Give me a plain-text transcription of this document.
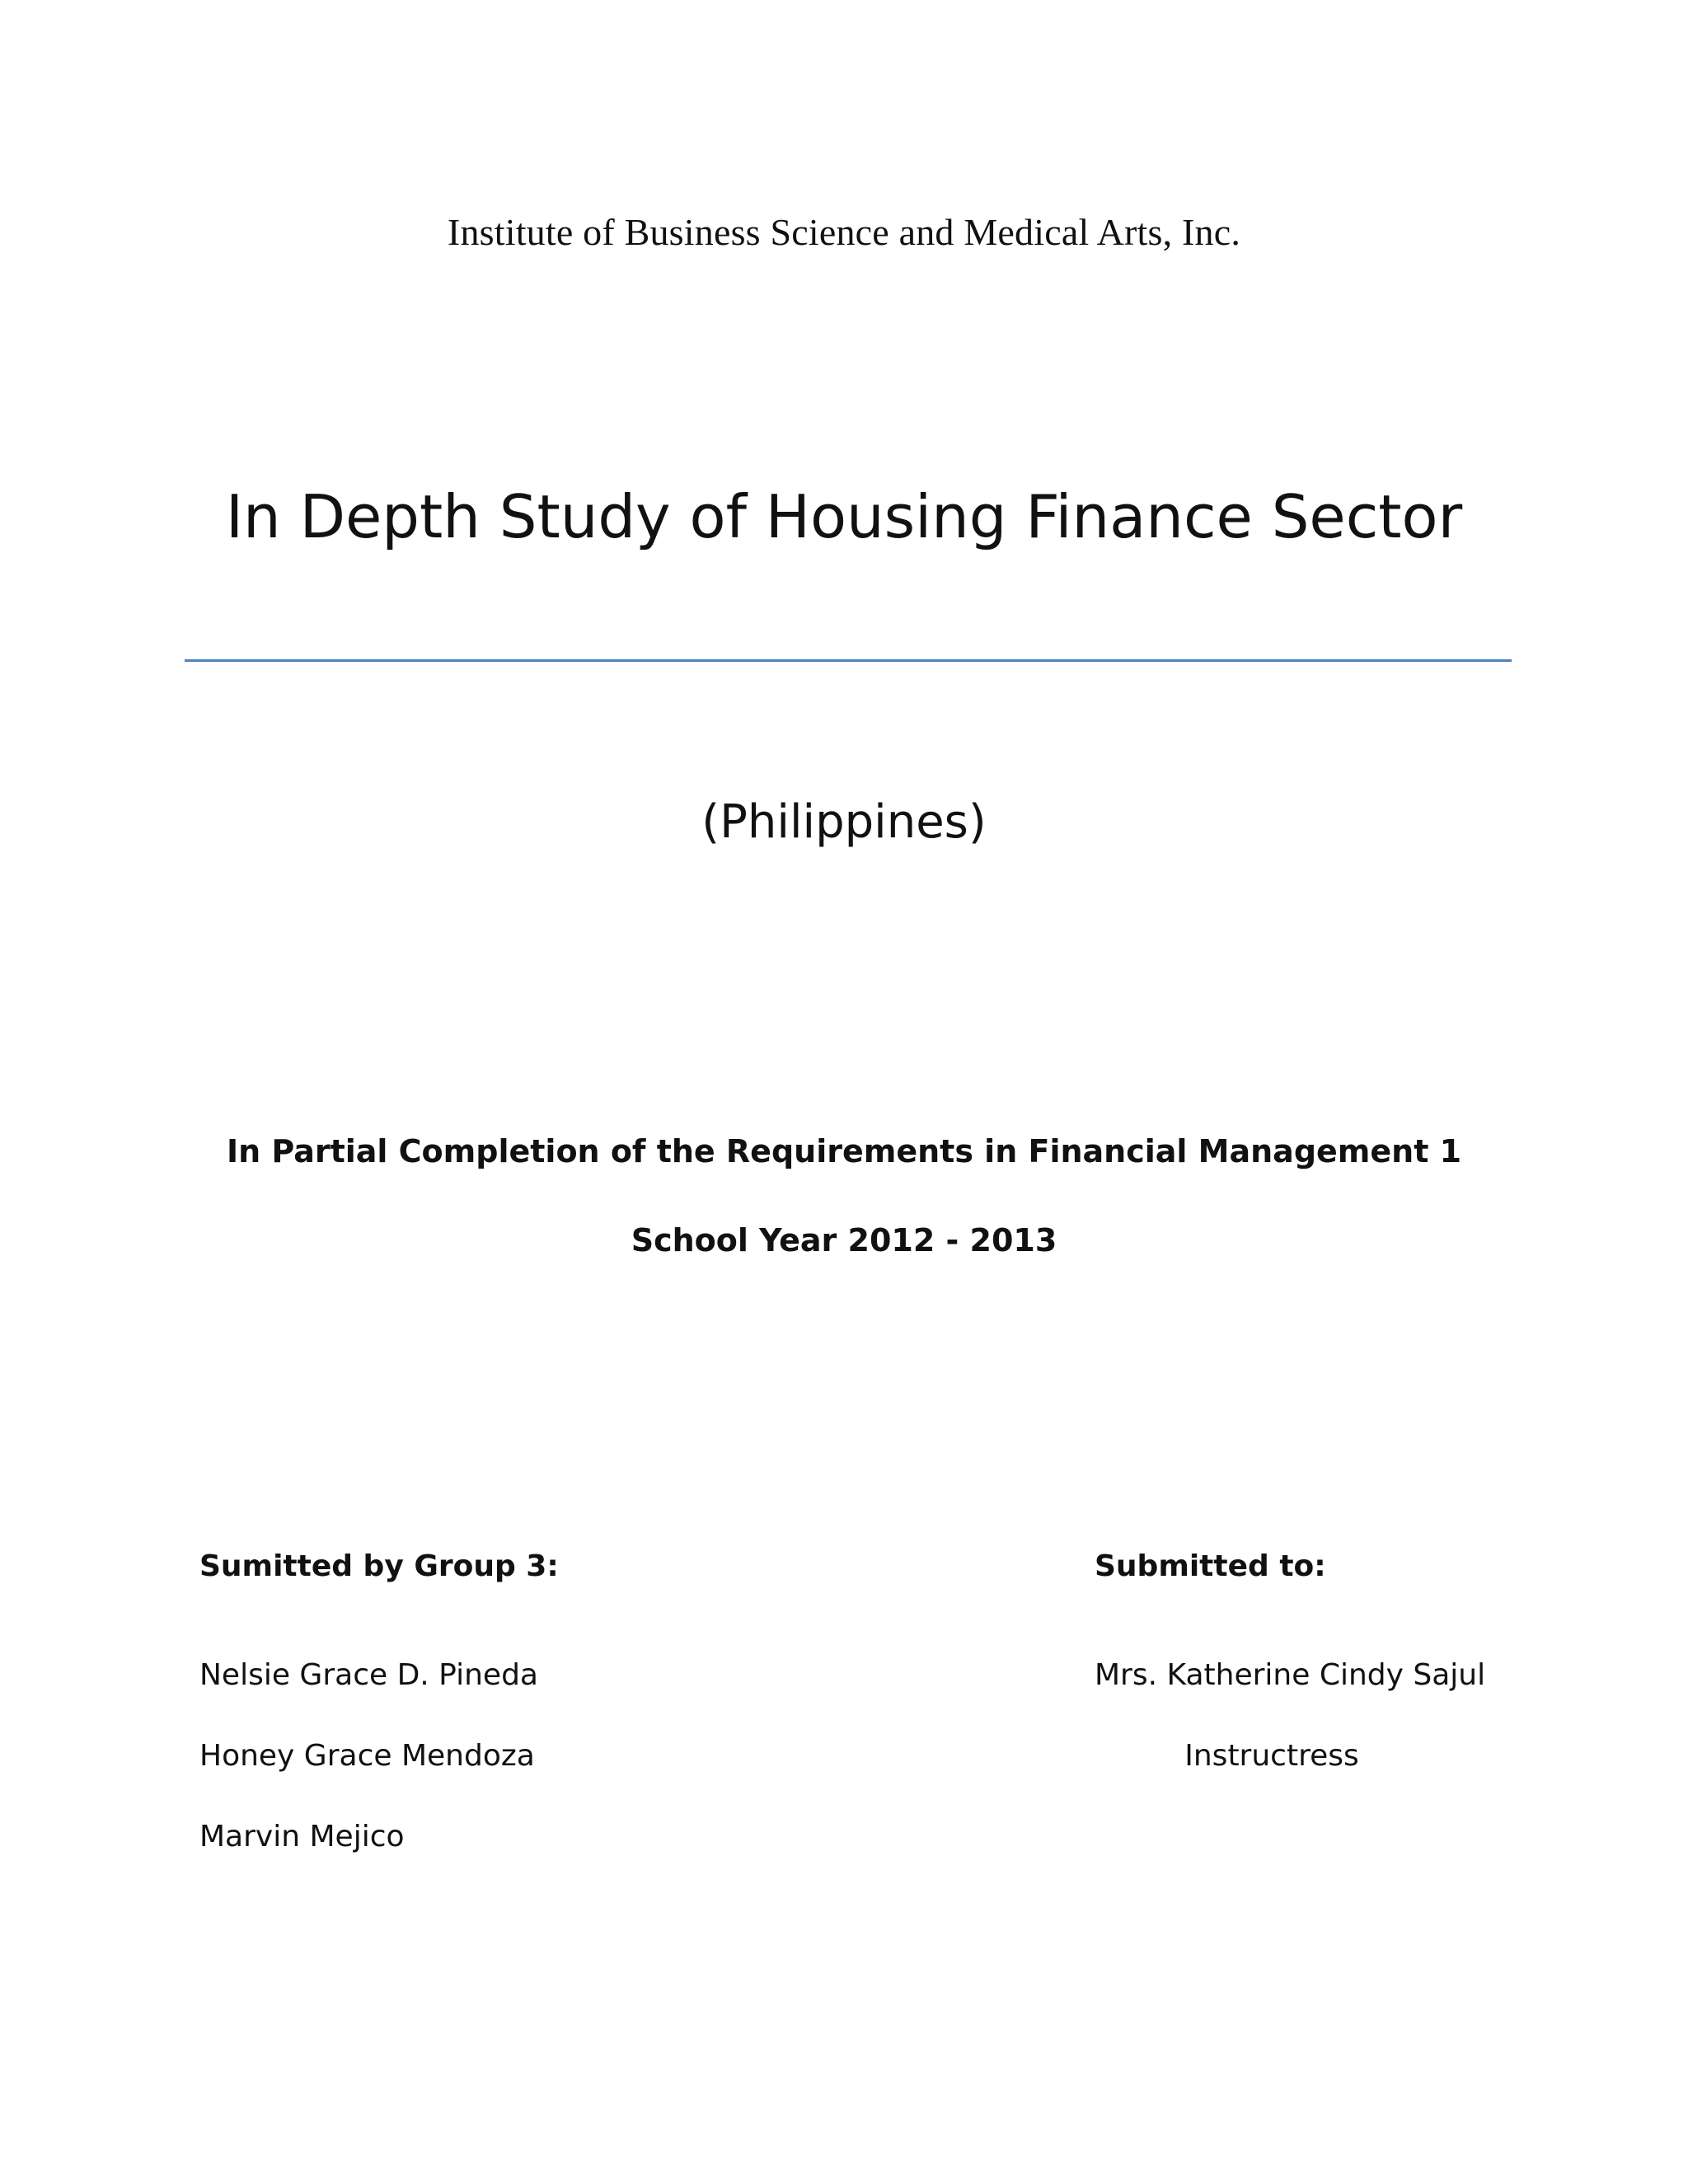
Institute of Business Science and Medical Arts, Inc.
In Depth Study of Housing Finance Sector
(Philippines)
In Partial Completion of the Requirements in Financial Management 1
School Year 2012 - 2013
Sumitted by Group 3:
Nelsie Grace D. Pineda
Honey Grace Mendoza
Marvin Mejico
Submitted to:
Mrs. Katherine Cindy Sajul
Instructress
